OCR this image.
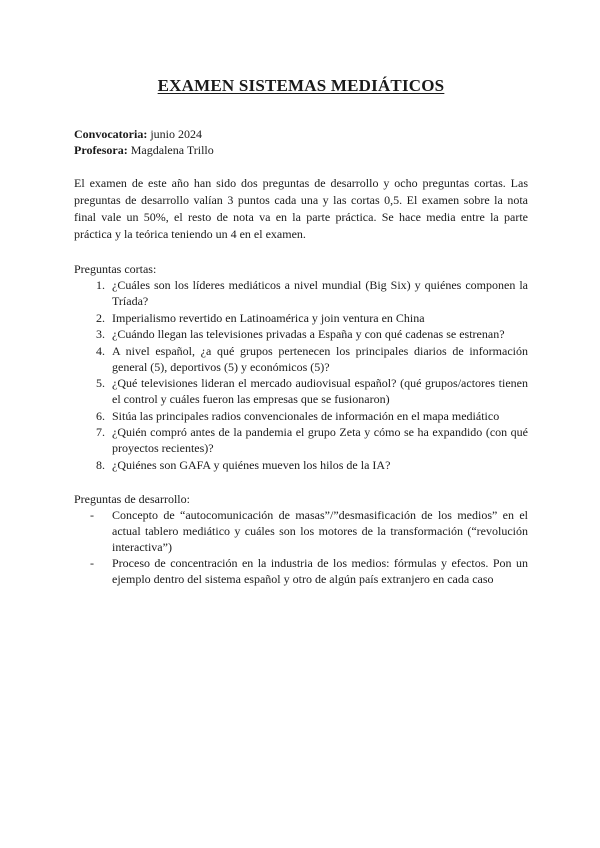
EXAMEN SISTEMAS MEDIÁTICOS
Convocatoria: junio 2024
Profesora: Magdalena Trillo

El examen de este año han sido dos preguntas de desarrollo y ocho preguntas cortas. Las preguntas de desarrollo valían 3 puntos cada una y las cortas 0,5. El examen sobre la nota final vale un 50%, el resto de nota va en la parte práctica. Se hace media entre la parte práctica y la teórica teniendo un 4 en el examen.

Preguntas cortas:
1. ¿Cuáles son los líderes mediáticos a nivel mundial (Big Six) y quiénes componen la Tríada?
2. Imperialismo revertido en Latinoamérica y join ventura en China
3. ¿Cuándo llegan las televisiones privadas a España y con qué cadenas se estrenan?
4. A nivel español, ¿a qué grupos pertenecen los principales diarios de información general (5), deportivos (5) y económicos (5)?
5. ¿Qué televisiones lideran el mercado audiovisual español? (qué grupos/actores tienen el control y cuáles fueron las empresas que se fusionaron)
6. Sitúa las principales radios convencionales de información en el mapa mediático
7. ¿Quién compró antes de la pandemia el grupo Zeta y cómo se ha expandido (con qué proyectos recientes)?
8. ¿Quiénes son GAFA y quiénes mueven los hilos de la IA?
Preguntas de desarrollo:
- Concepto de “autocomunicación de masas”/”desmasificación de los medios” en el actual tablero mediático y cuáles son los motores de la transformación (“revolución interactiva”)
- Proceso de concentración en la industria de los medios: fórmulas y efectos. Pon un ejemplo dentro del sistema español y otro de algún país extranjero en cada caso
